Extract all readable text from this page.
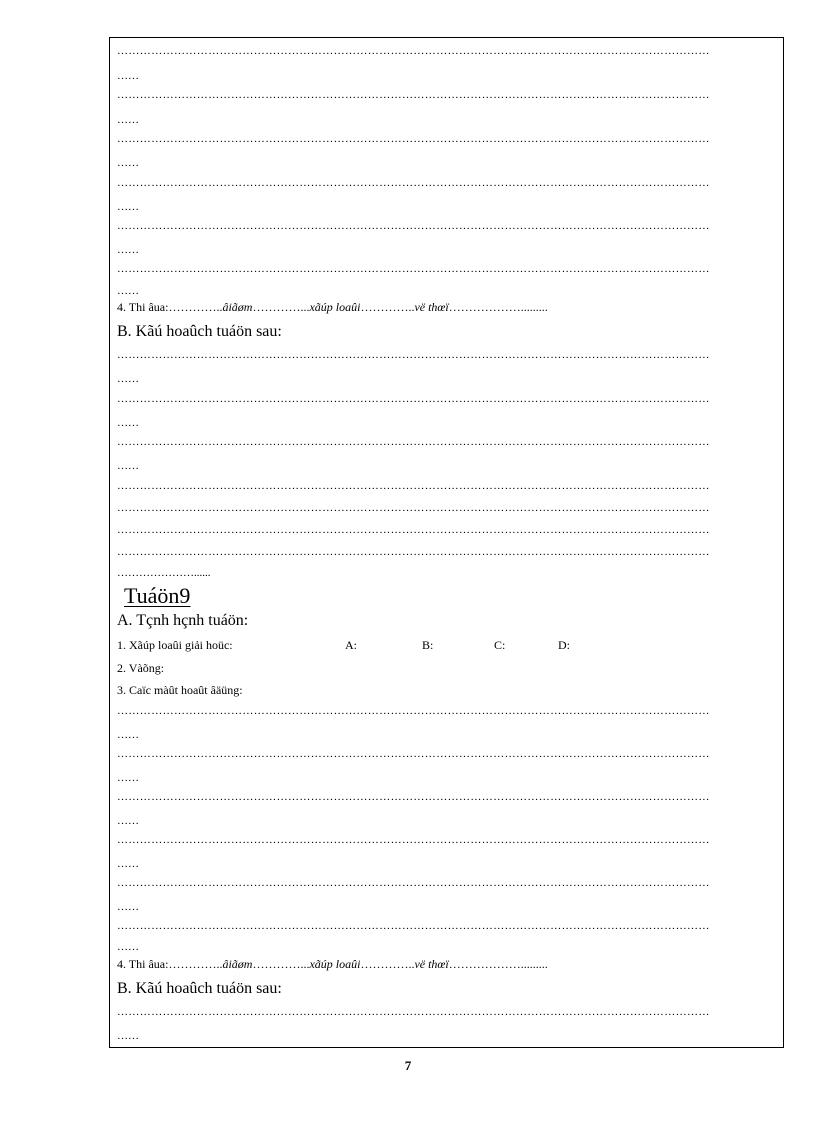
…………………………………………………………………………………………………………………………………………
……
…………………………………………………………………………………………………………………………………………
……
…………………………………………………………………………………………………………………………………………
……
…………………………………………………………………………………………………………………………………………
……
…………………………………………………………………………………………………………………………………………
……
…………………………………………………………………………………………………………………………………………
……
4. Thi âua:…………..âiãøm…………...xãúp loaûi…………..vë thœï……………….........
B. Kãú hoaûch tuáön sau:
…………………………………………………………………………………………………………………………………………
……
…………………………………………………………………………………………………………………………………………
……
…………………………………………………………………………………………………………………………………………
……
…………………………………………………………………………………………………………………………………………
…………………………………………………………………………………………………………………………………………
…………………………………………………………………………………………………………………………………………
…………………………………………………………………………………………………………………………………………
…………………......
Tuáön9
A. Tçnh hçnh tuáön:
1. Xãúp loaûi giải hoüc:	A:	B:	C:	D:
2. Vàõng:
3. Caïc màût hoaût âäüng:
…………………………………………………………………………………………………………………………………………
……
…………………………………………………………………………………………………………………………………………
……
…………………………………………………………………………………………………………………………………………
……
…………………………………………………………………………………………………………………………………………
……
…………………………………………………………………………………………………………………………………………
……
…………………………………………………………………………………………………………………………………………
……
4. Thi âua:…………..âiãøm…………...xãúp loaûi…………..vë thœï……………….........
B. Kãú hoaûch tuáön sau:
…………………………………………………………………………………………………………………………………………
……
7
